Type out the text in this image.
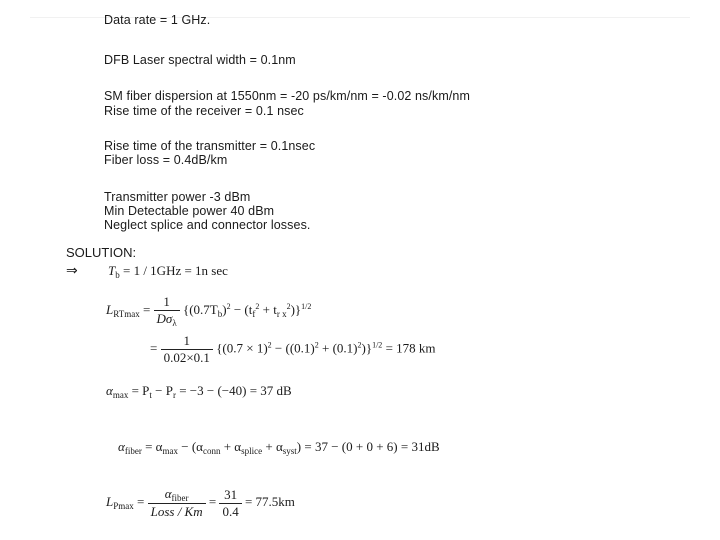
Data rate = 1 GHz.
DFB Laser spectral width = 0.1nm
SM fiber dispersion at 1550nm = -20 ps/km/nm = -0.02 ns/km/nm
Rise time of the receiver = 0.1 nsec
Rise time of the transmitter = 0.1nsec
Fiber loss = 0.4dB/km
Transmitter power -3 dBm
Min Detectable power 40 dBm
Neglect splice and connector losses.
SOLUTION:
⇒ $T_b = 1 / 1GHz = 1n$ sec
$L_{RTmax} = \frac{1}{D\sigma_\lambda} \{(0.7T_b)^2 - (t_f^2 + t_{r x}^2)\}^{1/2}$
= $\frac{1}{0.02\times 0.1} \{(0.7 \times 1)^2 - ((0.1)^2 + (0.1)^2)\}^{1/2} = 178$ km
$\alpha_{max} = P_t - P_r = -3 - (-40) = 37$ dB
$\alpha_{fiber} = \alpha_{max} - (\alpha_{conn} + \alpha_{splice} + \alpha_{syst}) = 37 - (0 + 0 + 6) = 31dB$
$L_{Pmax} = \frac{\alpha_{fiber}}{\text{Loss / Km}} = \frac{31}{0.4} = 77.5km$
